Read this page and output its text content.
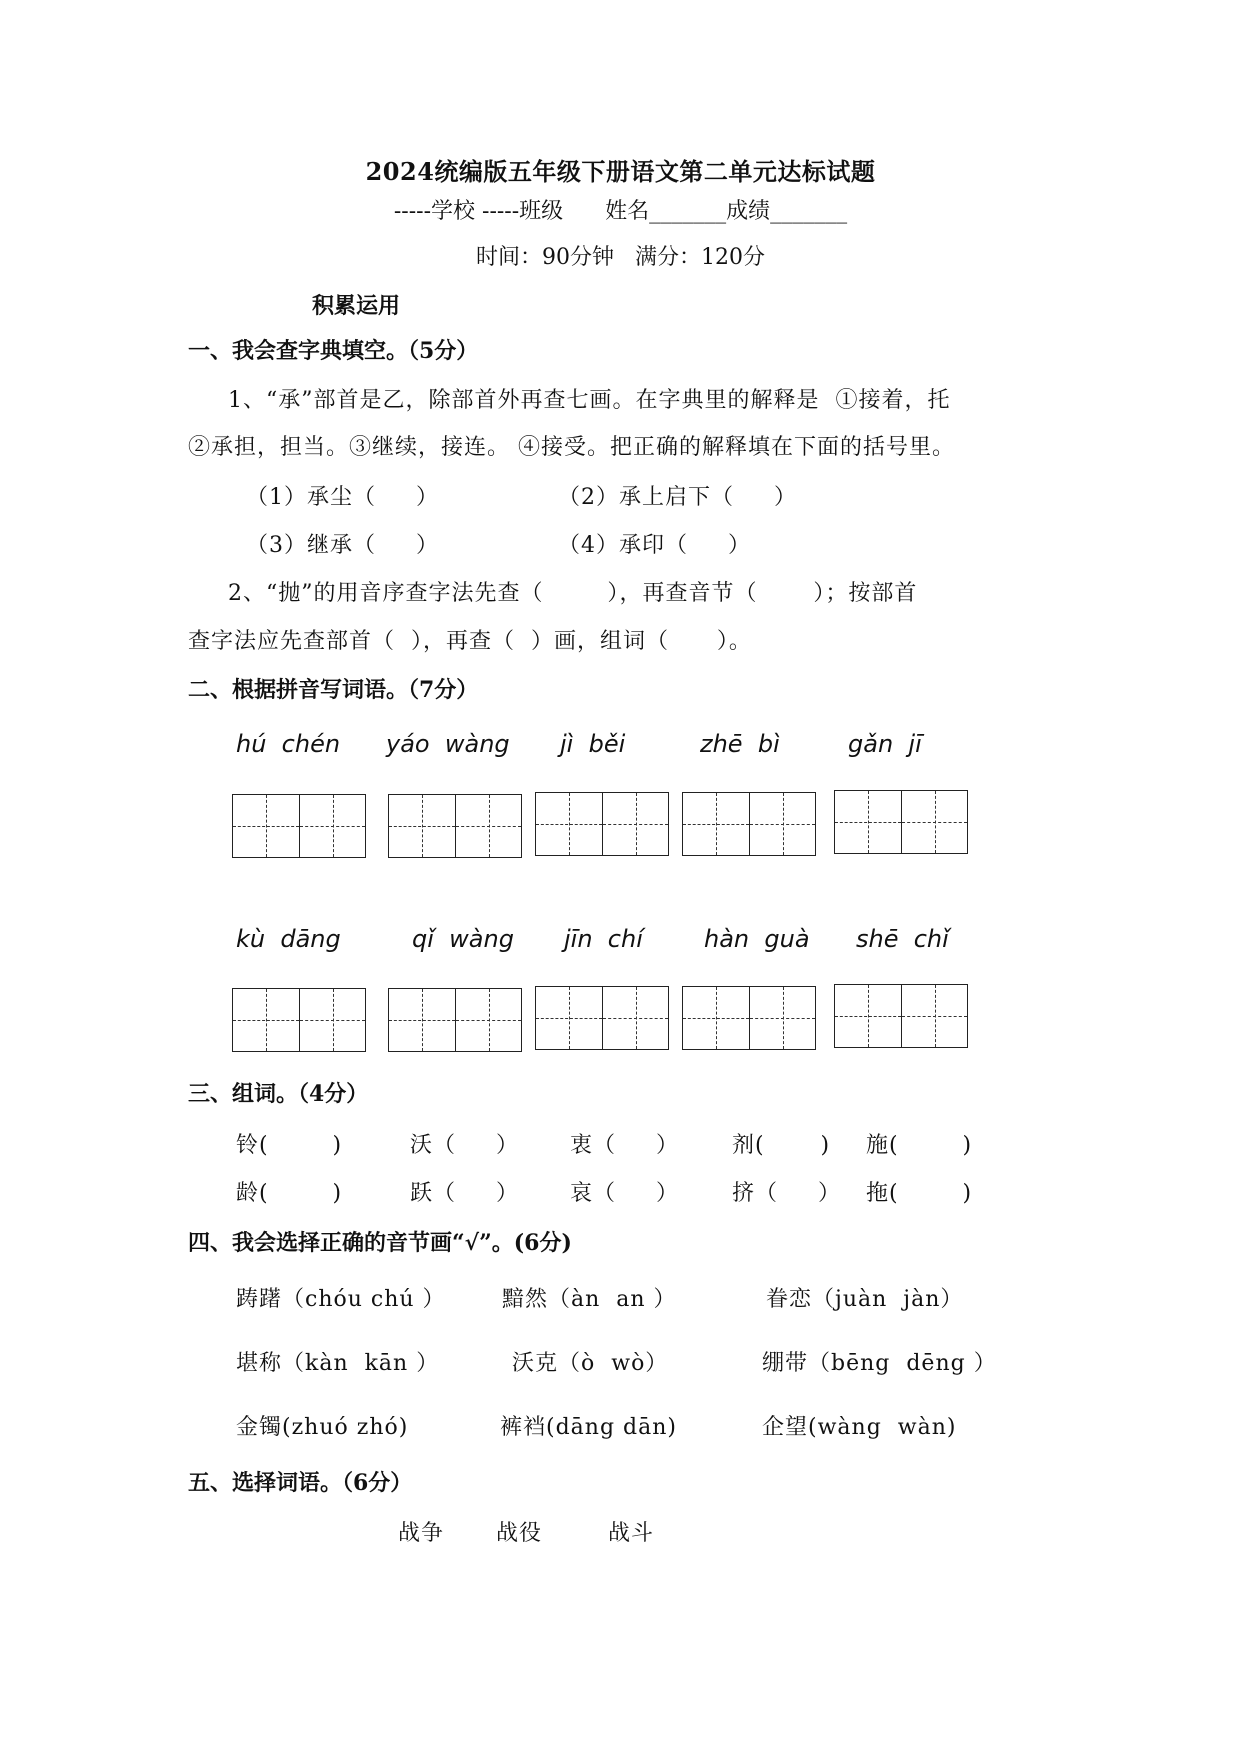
2024统编版五年级下册语文第二单元达标试题
-----学校 -----班级      姓名_______成绩_______
时间：90分钟   满分：120分
积累运用
一、我会查字典填空。（5分）
1、“承”部首是乙，除部首外再查七画。在字典里的解释是  ①接着，托
②承担，担当。③继续，接连。 ④接受。把正确的解释填在下面的括号里。
（1）承尘（     ）	（2）承上启下（     ）
（3）继承（     ）	（4）承印（     ）
2、“抛”的用音序查字法先查（        ），再查音节（       ）；按部首
查字法应先查部首（  ），再查（  ）画，组词（      ）。
二、根据拼音写词语。（7分）
hú  chén yáo  wàng jì  běi	zhē  bì	gǎn  jī
kù  dāng	qǐ  wàng jīn  chí	hàn  guà shē  chǐ
三、组词。（4分）
铃(        )	沃（     ） 衷（     ） 剂(       ) 施(        )
龄(        )	跃（     ） 哀（     ） 挤（     ） 拖(        )
四、我会选择正确的音节画“√”。(6分)
踌躇（chóu chú ）	黯然（àn  an ）	眷恋（juàn  jàn）
堪称（kàn  kān ）	沃克（ò  wò）	绷带（bēng  dēng ）
金镯(zhuó zhó)	裤裆(dāng dān)	企望(wàng  wàn)
五、选择词语。（6分）
战争 战役	战斗
